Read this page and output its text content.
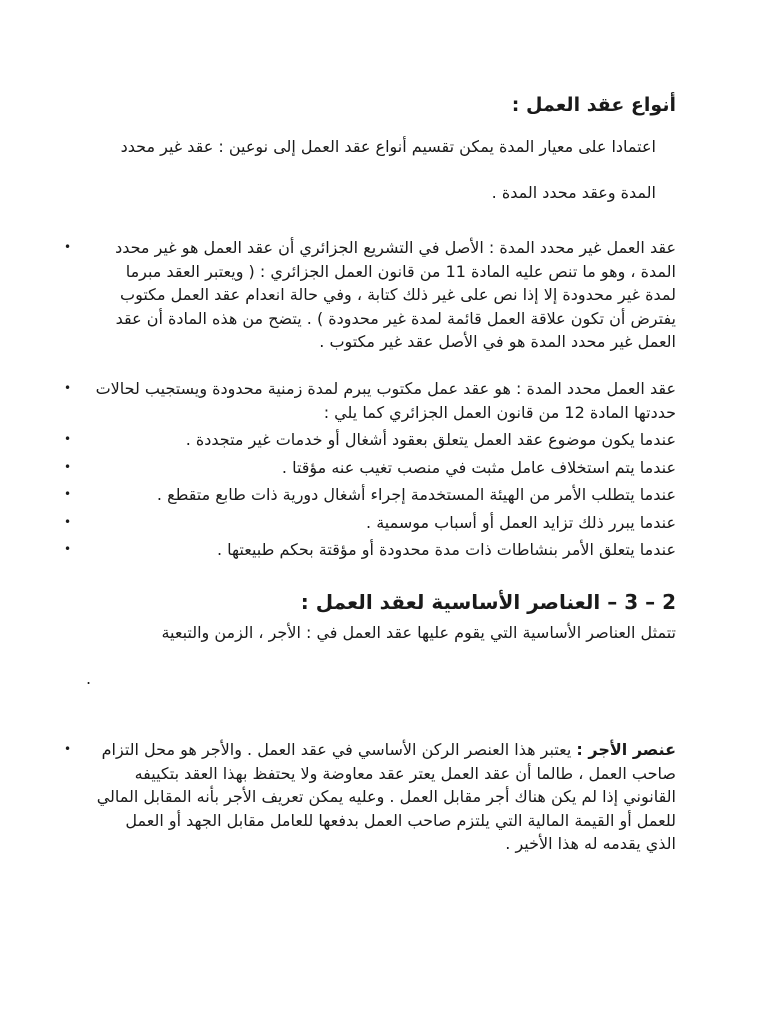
أنواع عقد العمل :

اعتمادا على معيار المدة يمكن تقسيم أنواع عقد العمل إلى نوعين : عقد غير محدد المدة وعقد محدد المدة .

•	عقد العمل غير محدد المدة : الأصل في التشريع الجزائري أن عقد العمل هو غير محدد المدة ، وهو ما تنص عليه المادة 11 من قانون العمل الجزائري : ( ويعتبر العقد مبرما لمدة غير محدودة إلا إذا نص على غير ذلك كتابة ، وفي حالة انعدام عقد العمل مكتوب يفترض أن تكون علاقة العمل قائمة لمدة غير محدودة ) . يتضح من هذه المادة أن عقد العمل غير محدد المدة هو في الأصل عقد غير مكتوب .
• عقد العمل محدد المدة : هو عقد عمل مكتوب يبرم لمدة زمنية محدودة ويستجيب لحالات حددتها المادة 12 من قانون العمل الجزائري كما يلي :
•	عندما يكون موضوع عقد العمل يتعلق بعقود أشغال أو خدمات غير متجددة .
•	عندما يتم استخلاف عامل مثبت في منصب تغيب عنه مؤقتا .
•	عندما يتطلب الأمر من الهيئة المستخدمة إجراء أشغال دورية ذات طابع متقطع .
•	عندما يبرر ذلك تزايد العمل أو أسباب موسمية .
•	عندما يتعلق الأمر بنشاطات ذات مدة محدودة أو مؤقتة بحكم طبيعتها .
2 – 3 – العناصر الأساسية لعقد العمل :

تتمثل العناصر الأساسية التي يقوم عليها عقد العمل في : الأجر ، الزمن والتبعية

.
•	عنصر الأجر : يعتبر هذا العنصر الركن الأساسي في عقد العمل . والأجر هو محل التزام صاحب العمل ، طالما أن عقد العمل يعتر عقد معاوضة ولا يحتفظ بهذا العقد بتكييفه القانوني إذا لم يكن هناك أجر مقابل العمل . وعليه يمكن تعريف الأجر بأنه المقابل المالي للعمل أو القيمة المالية التي يلتزم صاحب العمل بدفعها للعامل مقابل الجهد أو العمل الذي يقدمه له هذا الأخير .
